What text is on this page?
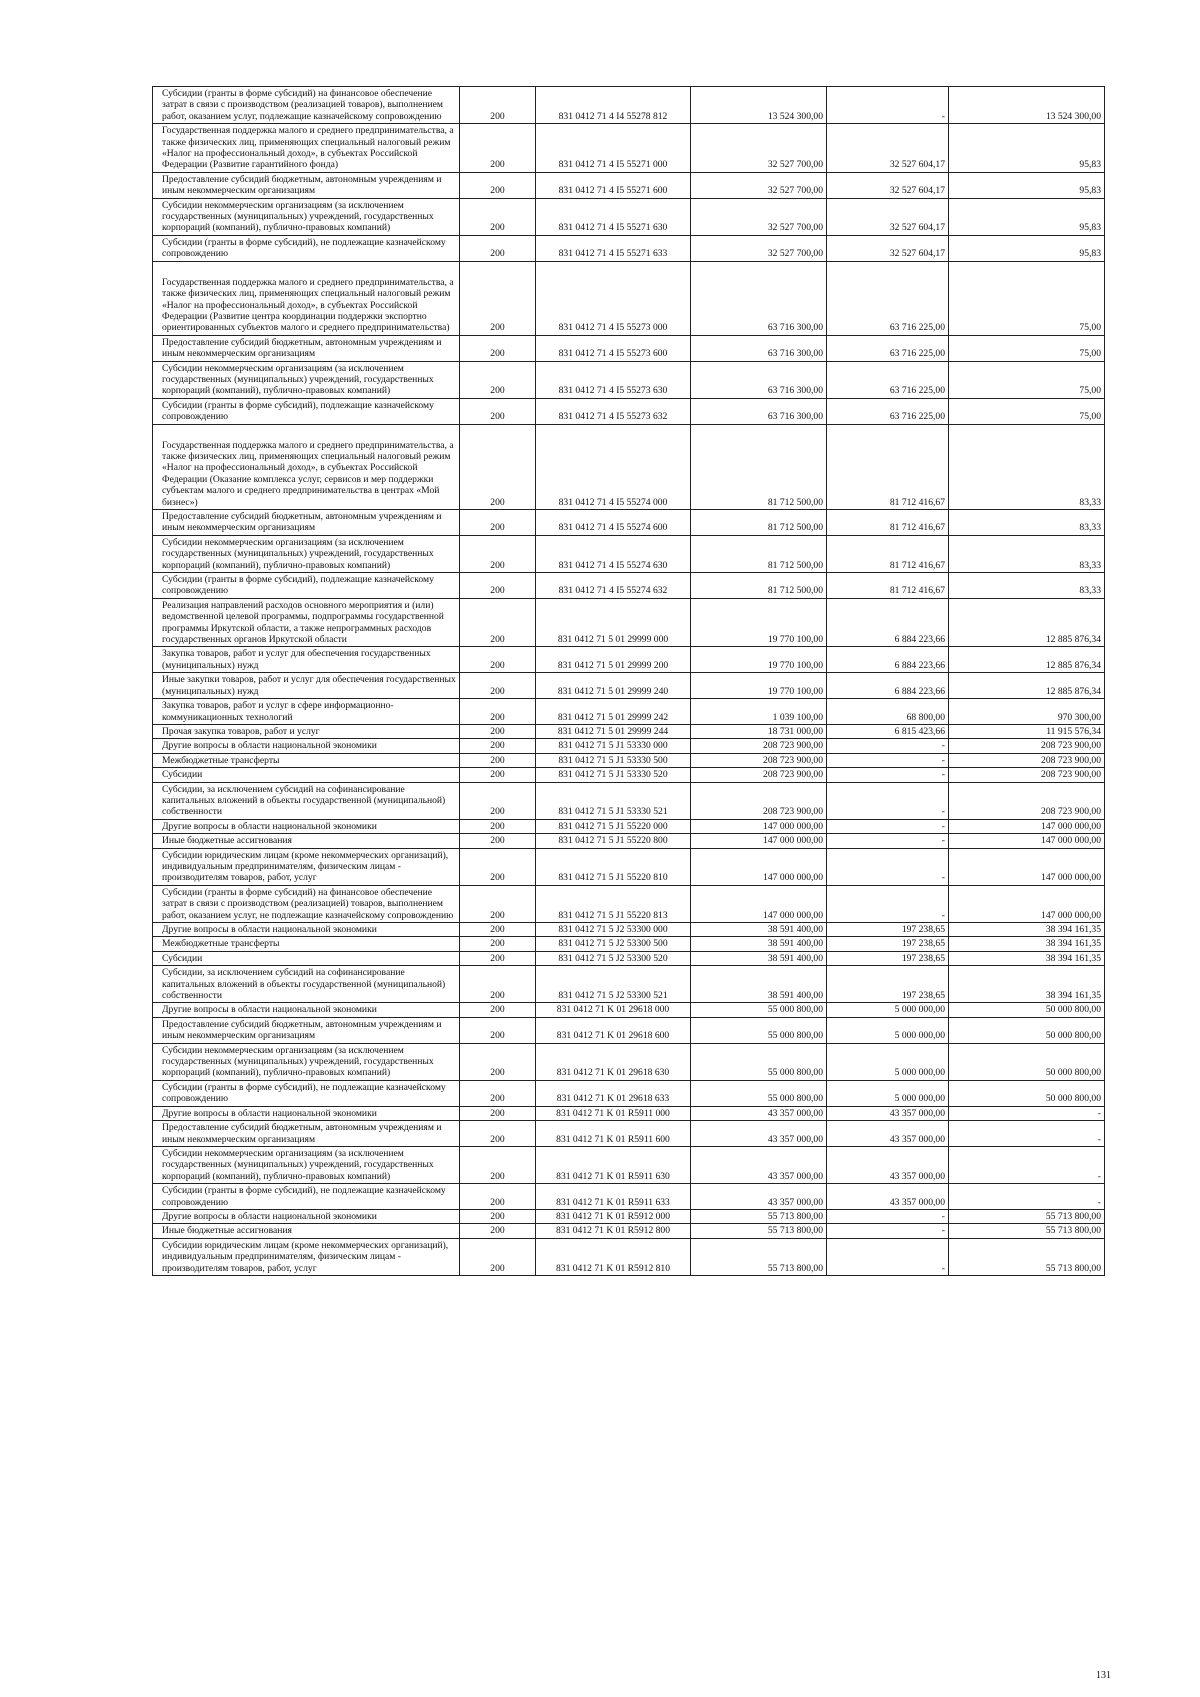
Субсидии (гранты в форме субсидий) на финансовое обеспечение затрат в связи с производством (реализацией товаров), выполнением работ, оказанием услуг, подлежащие казначейскому сопровождению	200	831 0412 71 4 I4 55278 812	13 524 300,00	-	13 524 300,00

Государственная поддержка малого и среднего предпринимательства, а также физических лиц, применяющих специальный налоговый режим «Налог на профессиональный доход», в субъектах Российской Федерации (Развитие гарантийного фонда)	200	831 0412 71 4 I5 55271 000	32 527 700,00	32 527 604,17	95,83

Предоставление субсидий бюджетным, автономным учреждениям и иным некоммерческим организациям	200	831 0412 71 4 I5 55271 600	32 527 700,00	32 527 604,17	95,83

Субсидии некоммерческим организациям (за исключением государственных (муниципальных) учреждений, государственных корпораций (компаний), публично-правовых компаний)	200	831 0412 71 4 I5 55271 630	32 527 700,00	32 527 604,17	95,83

Субсидии (гранты в форме субсидий), не подлежащие казначейскому сопровождению	200	831 0412 71 4 I5 55271 633	32 527 700,00	32 527 604,17	95,83

Государственная поддержка малого и среднего предпринимательства, а также физических лиц, применяющих специальный налоговый режим «Налог на профессиональный доход», в субъектах Российской Федерации (Развитие центра координации поддержки экспортно ориентированных субъектов малого и среднего предпринимательства)	200	831 0412 71 4 I5 55273 000	63 716 300,00	63 716 225,00	75,00

Предоставление субсидий бюджетным, автономным учреждениям и иным некоммерческим организациям	200	831 0412 71 4 I5 55273 600	63 716 300,00	63 716 225,00	75,00

Субсидии некоммерческим организациям (за исключением государственных (муниципальных) учреждений, государственных корпораций (компаний), публично-правовых компаний)	200	831 0412 71 4 I5 55273 630	63 716 300,00	63 716 225,00	75,00

Субсидии (гранты в форме субсидий), подлежащие казначейскому сопровождению	200	831 0412 71 4 I5 55273 632	63 716 300,00	63 716 225,00	75,00

Государственная поддержка малого и среднего предпринимательства, а также физических лиц, применяющих специальный налоговый режим «Налог на профессиональный доход», в субъектах Российской Федерации (Оказание комплекса услуг, сервисов и мер поддержки субъектам малого и среднего предпринимательства в центрах «Мой бизнес»)	200	831 0412 71 4 I5 55274 000	81 712 500,00	81 712 416,67	83,33

Предоставление субсидий бюджетным, автономным учреждениям и иным некоммерческим организациям	200	831 0412 71 4 I5 55274 600	81 712 500,00	81 712 416,67	83,33

Субсидии некоммерческим организациям (за исключением государственных (муниципальных) учреждений, государственных корпораций (компаний), публично-правовых компаний)	200	831 0412 71 4 I5 55274 630	81 712 500,00	81 712 416,67	83,33

Субсидии (гранты в форме субсидий), подлежащие казначейскому сопровождению	200	831 0412 71 4 I5 55274 632	81 712 500,00	81 712 416,67	83,33

Реализация направлений расходов основного мероприятия и (или) ведомственной целевой программы, подпрограммы государственной программы Иркутской области, а также непрограммных расходов государственных органов Иркутской области	200	831 0412 71 5 01 29999 000	19 770 100,00	6 884 223,66	12 885 876,34

Закупка товаров, работ и услуг для обеспечения государственных (муниципальных) нужд	200	831 0412 71 5 01 29999 200	19 770 100,00	6 884 223,66	12 885 876,34

Иные закупки товаров, работ и услуг для обеспечения государственных (муниципальных) нужд	200	831 0412 71 5 01 29999 240	19 770 100,00	6 884 223,66	12 885 876,34

Закупка товаров, работ и услуг в сфере информационно-коммуникационных технологий	200	831 0412 71 5 01 29999 242	1 039 100,00	68 800,00	970 300,00

Прочая закупка товаров, работ и услуг	200	831 0412 71 5 01 29999 244	18 731 000,00	6 815 423,66	11 915 576,34

Другие вопросы в области национальной экономики	200	831 0412 71 5 J1 53330 000	208 723 900,00	-	208 723 900,00

Межбюджетные трансферты	200	831 0412 71 5 J1 53330 500	208 723 900,00	-	208 723 900,00

Субсидии	200	831 0412 71 5 J1 53330 520	208 723 900,00	-	208 723 900,00

Субсидии, за исключением субсидий на софинансирование капитальных вложений в объекты государственной (муниципальной) собственности	200	831 0412 71 5 J1 53330 521	208 723 900,00	-	208 723 900,00

Другие вопросы в области национальной экономики	200	831 0412 71 5 J1 55220 000	147 000 000,00	-	147 000 000,00

Иные бюджетные ассигнования	200	831 0412 71 5 J1 55220 800	147 000 000,00	-	147 000 000,00

Субсидии юридическим лицам (кроме некоммерческих организаций), индивидуальным предпринимателям, физическим лицам - производителям товаров, работ, услуг	200	831 0412 71 5 J1 55220 810	147 000 000,00	-	147 000 000,00

Субсидии (гранты в форме субсидий) на финансовое обеспечение затрат в связи с производством (реализацией) товаров, выполнением работ, оказанием услуг, не подлежащие казначейскому сопровождению	200	831 0412 71 5 J1 55220 813	147 000 000,00	-	147 000 000,00

Другие вопросы в области национальной экономики	200	831 0412 71 5 J2 53300 000	38 591 400,00	197 238,65	38 394 161,35

Межбюджетные трансферты	200	831 0412 71 5 J2 53300 500	38 591 400,00	197 238,65	38 394 161,35

Субсидии	200	831 0412 71 5 J2 53300 520	38 591 400,00	197 238,65	38 394 161,35

Субсидии, за исключением субсидий на софинансирование капитальных вложений в объекты государственной (муниципальной) собственности	200	831 0412 71 5 J2 53300 521	38 591 400,00	197 238,65	38 394 161,35

Другие вопросы в области национальной экономики	200	831 0412 71 K 01 29618 000	55 000 800,00	5 000 000,00	50 000 800,00

Предоставление субсидий бюджетным, автономным учреждениям и иным некоммерческим организациям	200	831 0412 71 K 01 29618 600	55 000 800,00	5 000 000,00	50 000 800,00

Субсидии некоммерческим организациям (за исключением государственных (муниципальных) учреждений, государственных корпораций (компаний), публично-правовых компаний)	200	831 0412 71 K 01 29618 630	55 000 800,00	5 000 000,00	50 000 800,00

Субсидии (гранты в форме субсидий), не подлежащие казначейскому сопровождению	200	831 0412 71 K 01 29618 633	55 000 800,00	5 000 000,00	50 000 800,00

Другие вопросы в области национальной экономики	200	831 0412 71 K 01 R5911 000	43 357 000,00	43 357 000,00	-

Предоставление субсидий бюджетным, автономным учреждениям и иным некоммерческим организациям	200	831 0412 71 K 01 R5911 600	43 357 000,00	43 357 000,00	-

Субсидии некоммерческим организациям (за исключением государственных (муниципальных) учреждений, государственных корпораций (компаний), публично-правовых компаний)	200	831 0412 71 K 01 R5911 630	43 357 000,00	43 357 000,00	-

Субсидии (гранты в форме субсидий), не подлежащие казначейскому сопровождению	200	831 0412 71 K 01 R5911 633	43 357 000,00	43 357 000,00	-

Другие вопросы в области национальной экономики	200	831 0412 71 K 01 R5912 000	55 713 800,00	-	55 713 800,00

Иные бюджетные ассигнования	200	831 0412 71 K 01 R5912 800	55 713 800,00	-	55 713 800,00

Субсидии юридическим лицам (кроме некоммерческих организаций), индивидуальным предпринимателям, физическим лицам - производителям товаров, работ, услуг	200	831 0412 71 K 01 R5912 810	55 713 800,00	-	55 713 800,00
131
